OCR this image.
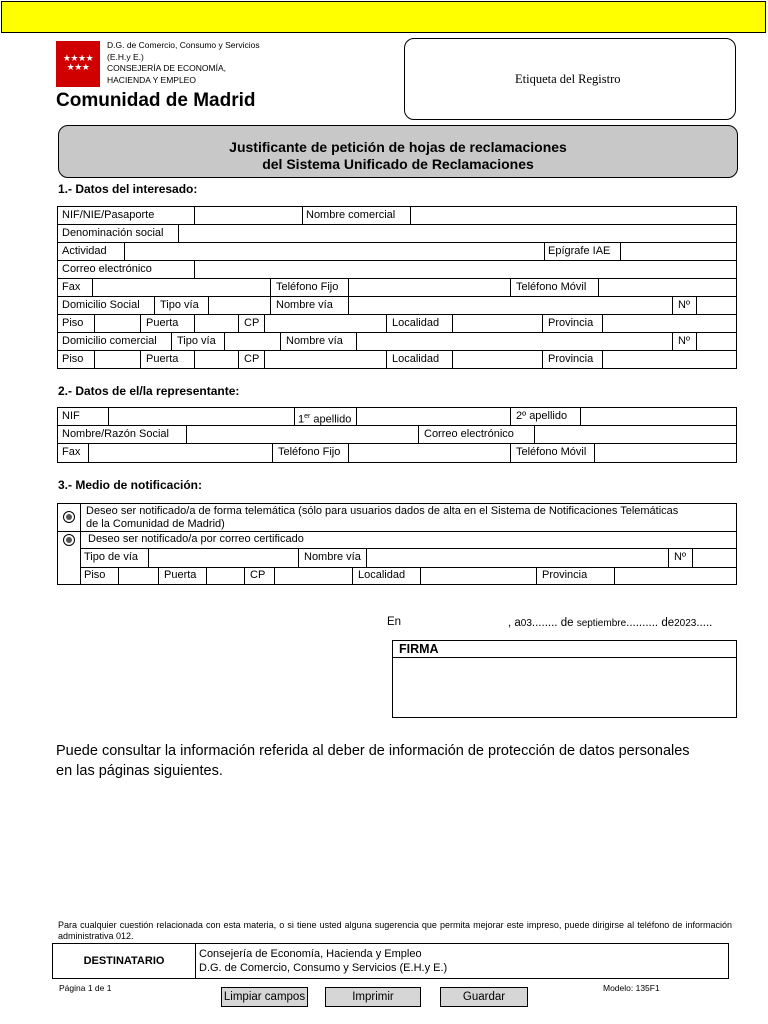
★★★★
★★★
D.G. de Comercio, Consumo y Servicios
(E.H.y E.)
CONSEJERÍA DE ECONOMÍA,
HACIENDA Y EMPLEO
Comunidad de Madrid
Etiqueta del Registro
Justificante de petición de hojas de reclamaciones
del Sistema Unificado de Reclamaciones
1.- Datos del interesado:
NIF/NIE/Pasaporte	Nombre comercial
Denominación social
Actividad	Epígrafe IAE
Correo electrónico
Fax	Teléfono Fijo	Teléfono Móvil
Domicilio Social	Tipo vía	Nombre vía	Nº
Piso	Puerta	CP	Localidad	Provincia
Domicilio comercial	Tipo vía	Nombre vía	Nº
Piso	Puerta	CP	Localidad	Provincia
2.- Datos de el/la representante:
NIF	1er apellido	2º apellido
Nombre/Razón Social	Correo electrónico
Fax	Teléfono Fijo	Teléfono Móvil
3.- Medio de notificación:
Deseo ser notificado/a de forma telemática (sólo para usuarios dados de alta en el Sistema de Notificaciones Telemáticas
de la Comunidad de Madrid)
Deseo ser notificado/a por correo certificado
Tipo de vía	Nombre vía	Nº
Piso	Puerta	CP	Localidad	Provincia
En	, a03........ de septiembre.......... de2023.....
FIRMA
Puede consultar la información referida al deber de información de protección de datos personales
en las páginas siguientes.
Para cualquier cuestión relacionada con esta materia, o si tiene usted alguna sugerencia que permita mejorar este impreso, puede dirigirse al teléfono de información administrativa 012.
DESTINATARIO
Consejería de Economía, Hacienda y Empleo
D.G. de Comercio, Consumo y Servicios (E.H.y E.)
Página 1 de 1	Modelo: 135F1
Limpiar campos	Imprimir	Guardar
